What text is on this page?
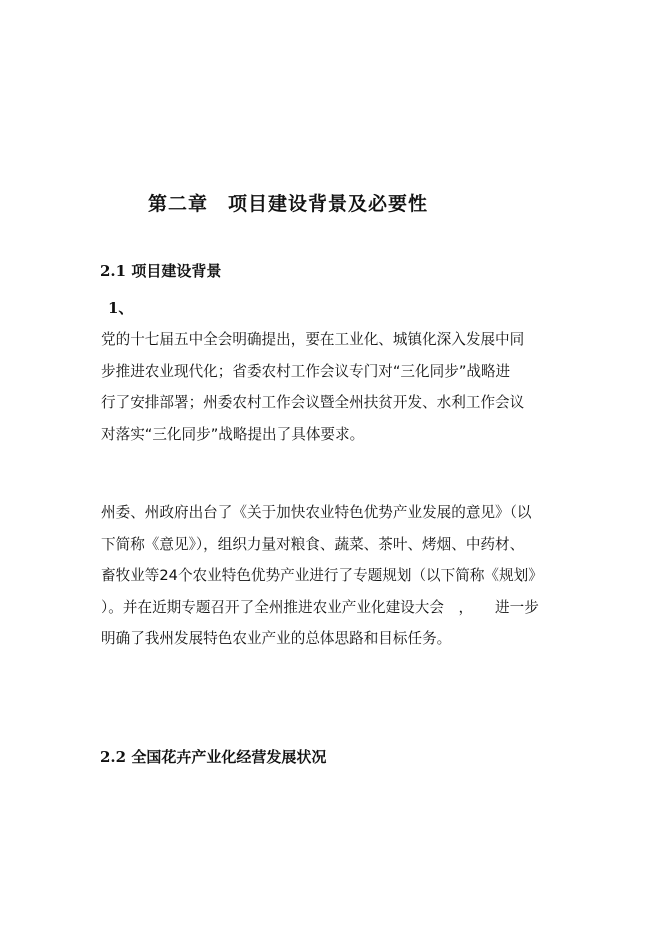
第二章　项目建设背景及必要性
2.1 项目建设背景
1、
党的十七届五中全会明确提出，要在工业化、城镇化深入发展中同
步推进农业现代化；省委农村工作会议专门对“三化同步”战略进
行了安排部署；州委农村工作会议暨全州扶贫开发、水利工作会议
对落实“三化同步”战略提出了具体要求。
州委、州政府出台了《关于加快农业特色优势产业发展的意见》（以
下简称《意见》），组织力量对粮食、蔬菜、茶叶、烤烟、中药材、
畜牧业等24个农业特色优势产业进行了专题规划（以下简称《规划》
）。并在近期专题召开了全州推进农业产业化建设大会　，　　进一步
明确了我州发展特色农业产业的总体思路和目标任务。
2.2 全国花卉产业化经营发展状况
